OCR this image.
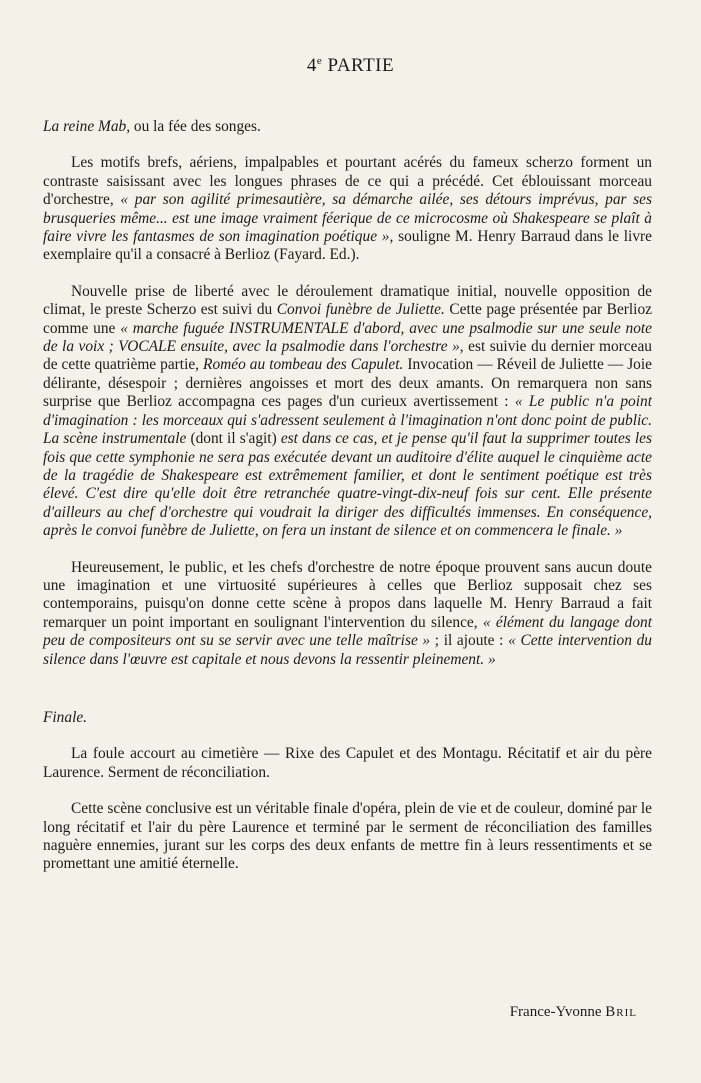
4e PARTIE
La reine Mab, ou la fée des songes.

Les motifs brefs, aériens, impalpables et pourtant acérés du fameux scherzo forment un contraste saisissant avec les longues phrases de ce qui a précédé. Cet éblouissant morceau d'orchestre, « par son agilité primesautière, sa démarche ailée, ses détours imprévus, par ses brusqueries même... est une image vraiment féerique de ce microcosme où Shakespeare se plaît à faire vivre les fantasmes de son imagination poétique », souligne M. Henry Barraud dans le livre exemplaire qu'il a consacré à Berlioz (Fayard. Ed.).

Nouvelle prise de liberté avec le déroulement dramatique initial, nouvelle opposition de climat, le preste Scherzo est suivi du Convoi funèbre de Juliette. Cette page présentée par Berlioz comme une « marche fuguée INSTRUMENTALE d'abord, avec une psalmodie sur une seule note de la voix ; VOCALE ensuite, avec la psalmodie dans l'orchestre », est suivie du dernier morceau de cette quatrième partie, Roméo au tombeau des Capulet. Invocation — Réveil de Juliette — Joie délirante, désespoir ; dernières angoisses et mort des deux amants. On remarquera non sans surprise que Berlioz accompagna ces pages d'un curieux avertissement : « Le public n'a point d'imagination : les morceaux qui s'adressent seulement à l'imagination n'ont donc point de public. La scène instrumentale (dont il s'agit) est dans ce cas, et je pense qu'il faut la supprimer toutes les fois que cette symphonie ne sera pas exécutée devant un auditoire d'élite auquel le cinquième acte de la tragédie de Shakespeare est extrêmement familier, et dont le sentiment poétique est très élevé. C'est dire qu'elle doit être retranchée quatre-vingt-dix-neuf fois sur cent. Elle présente d'ailleurs au chef d'orchestre qui voudrait la diriger des difficultés immenses. En conséquence, après le convoi funèbre de Juliette, on fera un instant de silence et on commencera le finale. »

Heureusement, le public, et les chefs d'orchestre de notre époque prouvent sans aucun doute une imagination et une virtuosité supérieures à celles que Berlioz supposait chez ses contemporains, puisqu'on donne cette scène à propos dans laquelle M. Henry Barraud a fait remarquer un point important en soulignant l'intervention du silence, « élément du langage dont peu de compositeurs ont su se servir avec une telle maîtrise » ; il ajoute : « Cette intervention du silence dans l'œuvre est capitale et nous devons la ressentir pleinement. »

Finale.

La foule accourt au cimetière — Rixe des Capulet et des Montagu. Récitatif et air du père Laurence. Serment de réconciliation.

Cette scène conclusive est un véritable finale d'opéra, plein de vie et de couleur, dominé par le long récitatif et l'air du père Laurence et terminé par le serment de réconciliation des familles naguère ennemies, jurant sur les corps des deux enfants de mettre fin à leurs ressentiments et se promettant une amitié éternelle.

France-Yvonne Bril
